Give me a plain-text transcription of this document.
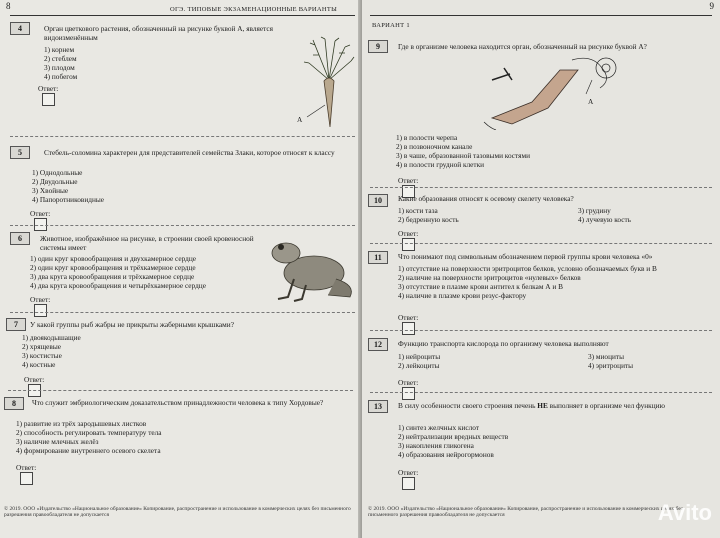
8	ОГЭ. ТИПОВЫЕ ЭКЗАМЕНАЦИОННЫЕ ВАРИАНТЫ
4	Орган цветкового растения, обозначенный на рисунке буквой А, является видоизменённым
1) корнем
2) стеблем
3) плодом
4) побегом
Ответ:
А
5	Стебель-соломина характерен для представителей семейства Злаки, которое относят к классу
1) Однодольные
2) Двудольные
3) Хвойные
4) Папоротниковидные
Ответ:
6	Животное, изображённое на рисунке, в строении своей кровеносной системы имеет
1) один круг кровообращения и двухкамерное сердце
2) один круг кровообращения и трёхкамерное сердце
3) два круга кровообращения и трёхкамерное сердце
4) два круга кровообращения и четырёхкамерное сердце
Ответ:
7	У какой группы рыб жабры не прикрыты жаберными крышками?
1) двоякодышащие
2) хрящевые
3) костистые
4) костные
Ответ:
8	Что служит эмбриологическим доказательством принадлежности человека к типу Хордовые?
1) развитие из трёх зародышевых листков
2) способность регулировать температуру тела
3) наличие млечных желёз
4) формирование внутреннего осевого скелета
Ответ:
© 2019. ООО «Издательство «Национальное образование» Копирование, распространение и использование в коммерческих целях без письменного разрешения правообладателя не допускается
9
ВАРИАНТ 1
9	Где в организме человека находится орган, обозначенный на рисунке буквой А?
1) в полости черепа
2) в позвоночном канале
3) в чаше, образованной тазовыми костями
4) в полости грудной клетки
Ответ:
А
10	Какие образования относят к осевому скелету человека?
1) кости таза
2) бедренную кость
3) грудину
4) лучевую кость
Ответ:
11	Что понимают под символьным обозначением первой группы крови человека «0»
1) отсутствие на поверхности эритроцитов белков, условно обозначаемых букв и В
2) наличие на поверхности эритроцитов «нулевых» белков
3) отсутствие в плазме крови антител к белкам А и В
4) наличие в плазме крови резус-фактору
Ответ:
12	Функцию транспорта кислорода по организму человека выполняют
1) нейроциты
2) лейкоциты
3) миоциты
4) эритроциты
Ответ:
13	В силу особенности своего строения печень НЕ выполняет в организме чел функцию
1) синтез желчных кислот
2) нейтрализации вредных веществ
3) накопления гликогена
4) образования нейрогормонов
Ответ:
© 2019. ООО «Издательство «Национальное образование» Копирование, распространение и использование в коммерческих целях без письменного разрешения правообладателя не допускается	Avito
